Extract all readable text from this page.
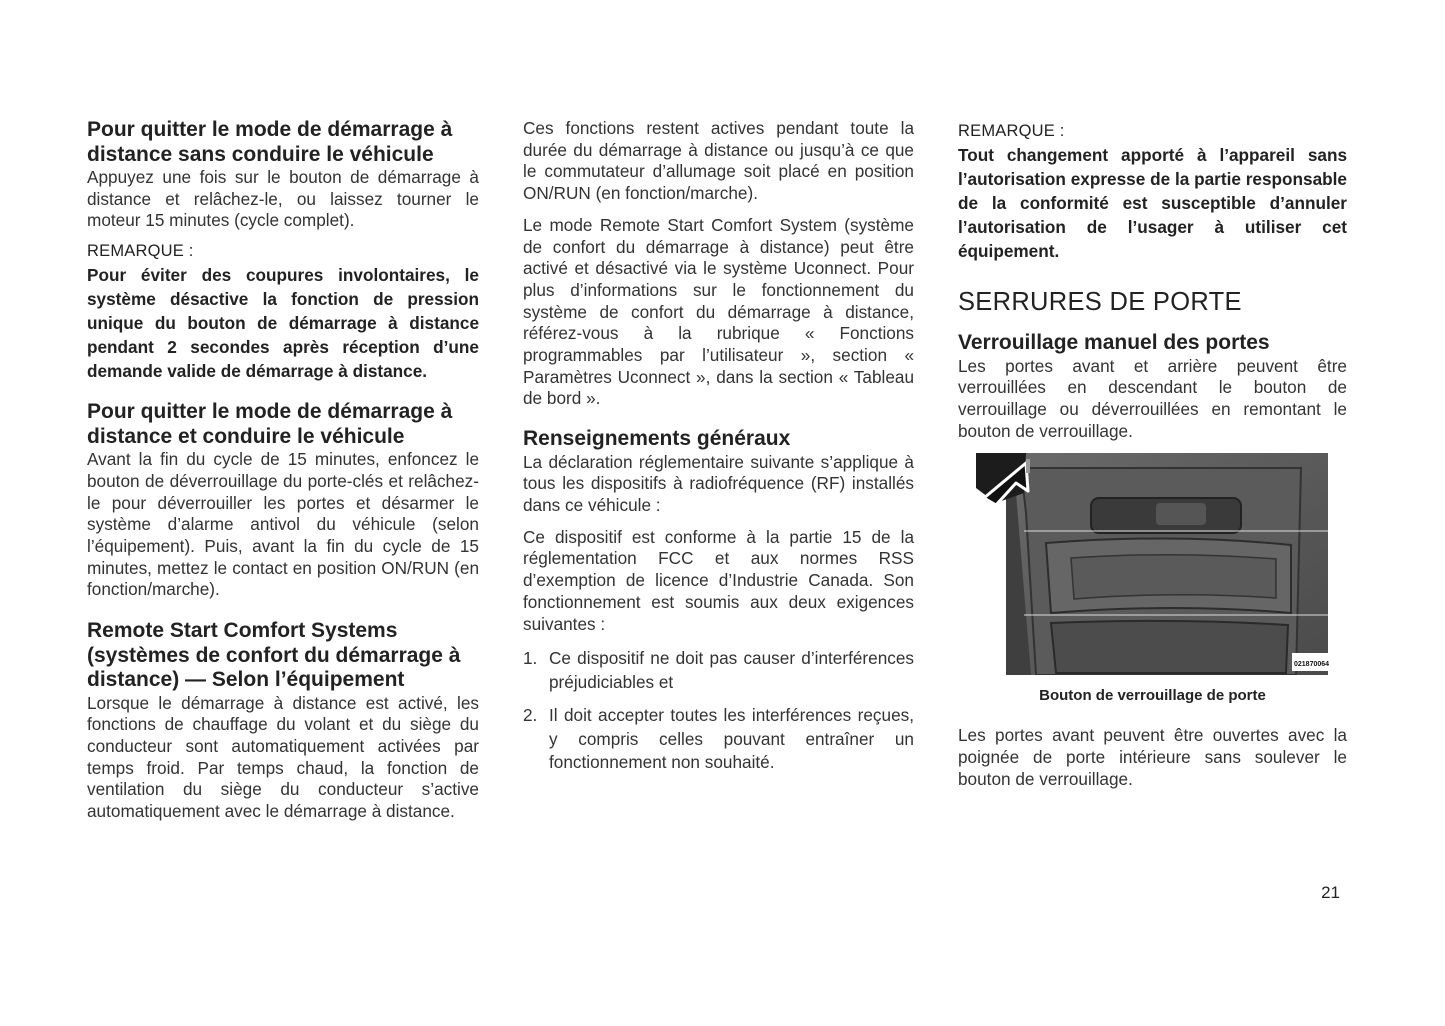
Pour quitter le mode de démarrage à distance sans conduire le véhicule

Appuyez une fois sur le bouton de démarrage à distance et relâchez-le, ou laissez tourner le moteur 15 minutes (cycle complet).

REMARQUE :

Pour éviter des coupures involontaires, le système désactive la fonction de pression unique du bouton de démarrage à distance pendant 2 secondes après réception d’une demande valide de démarrage à distance.

Pour quitter le mode de démarrage à distance et conduire le véhicule

Avant la fin du cycle de 15 minutes, enfoncez le bouton de déverrouillage du porte-clés et relâchez-le pour déverrouiller les portes et désarmer le système d’alarme antivol du véhicule (selon l’équipement). Puis, avant la fin du cycle de 15 minutes, mettez le contact en position ON/RUN (en fonction/marche).

Remote Start Comfort Systems (systèmes de confort du démarrage à distance) — Selon l’équipement

Lorsque le démarrage à distance est activé, les fonctions de chauffage du volant et du siège du conducteur sont automatiquement activées par temps froid. Par temps chaud, la fonction de ventilation du siège du conducteur s’active automatiquement avec le démarrage à distance.

Ces fonctions restent actives pendant toute la durée du démarrage à distance ou jusqu’à ce que le commutateur d’allumage soit placé en position ON/RUN (en fonction/marche).

Le mode Remote Start Comfort System (système de confort du démarrage à distance) peut être activé et désactivé via le système Uconnect. Pour plus d’informations sur le fonctionnement du système de confort du démarrage à distance, référez-vous à la rubrique « Fonctions programmables par l’utilisateur », section « Paramètres Uconnect », dans la section « Tableau de bord ».

Renseignements généraux

La déclaration réglementaire suivante s’applique à tous les dispositifs à radiofréquence (RF) installés dans ce véhicule :

Ce dispositif est conforme à la partie 15 de la réglementation FCC et aux normes RSS d’exemption de licence d’Industrie Canada. Son fonctionnement est soumis aux deux exigences suivantes :

1. Ce dispositif ne doit pas causer d’interférences préjudiciables et
2. Il doit accepter toutes les interférences reçues, y compris celles pouvant entraîner un fonctionnement non souhaité.
REMARQUE :

Tout changement apporté à l’appareil sans l’autorisation expresse de la partie responsable de la conformité est susceptible d’annuler l’autorisation de l’usager à utiliser cet équipement.

SERRURES DE PORTE
Verrouillage manuel des portes

Les portes avant et arrière peuvent être verrouillées en descendant le bouton de verrouillage ou déverrouillées en remontant le bouton de verrouillage.

021870064
Bouton de verrouillage de porte

Les portes avant peuvent être ouvertes avec la poignée de porte intérieure sans soulever le bouton de verrouillage.

21
